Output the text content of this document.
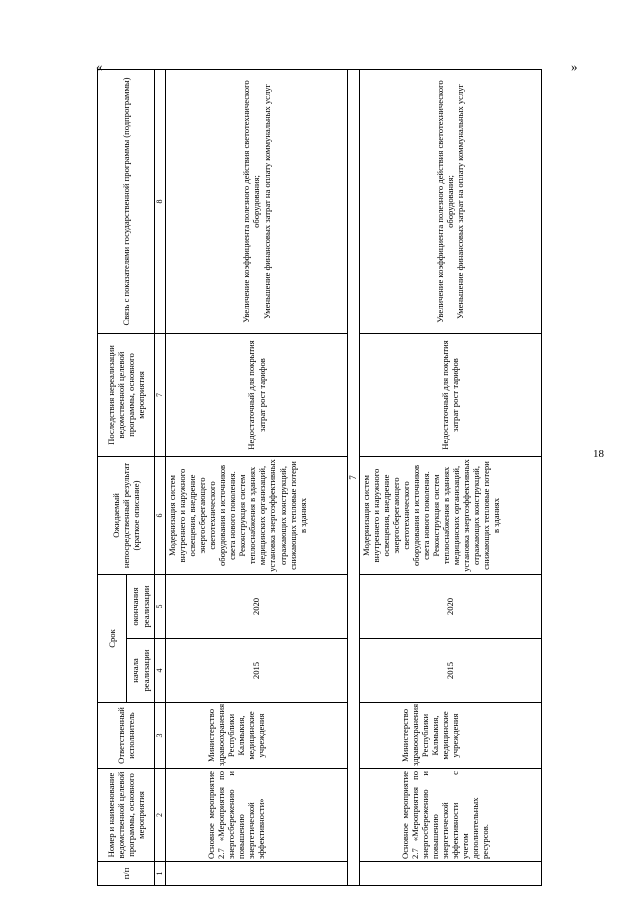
«	»
18
п/п	Номер и наименование ведомственной целевой программы, основного мероприятия	Ответственный исполнитель	Срок		Ожидаемый непосредственный результат (краткое описание)	Последствия нереализации ведомственной целевой программы, основного мероприятия	Связь с показателями государственной программы (подпрограммы)
			начала реализации	окончания реализации			
1	2	3	4	5	6	7	8
	Основное мероприятие 2.7 «Мероприятия по энергосбережению и повышению энергетической эффективности»	Министерство здравоохранения Республики Калмыкия, медицинские учреждения	2015	2020	Модернизация систем внутреннего и наружного освещения, внедрение энергосберегающего светотехнического оборудования и источников света нового поколения. Реконструкция систем теплоснабжения в зданиях медицинских организаций, установка энергоэффективных отражающих конструкций, снижающих тепловые потери в зданиях	Недостаточный для покрытия затрат рост тарифов	Увеличение коэффициента полезного действия светотехнического оборудования; Уменьшение финансовых затрат на оплату коммунальных услуг

7							
	Основное мероприятие 2.7 «Мероприятия по энергосбережению и повышению энергетической эффективности с учетом дополнительных ресурсов.	Министерство здравоохранения Республики Калмыкия, медицинские учреждения	2015	2020	Модернизация систем внутреннего и наружного освещения, внедрение энергосберегающего светотехнического оборудования и источников света нового поколения. Реконструкция систем теплоснабжения в зданиях медицинских организаций, установка энергоэффективных отражающих конструкций, снижающих тепловые потери в зданиях	Недостаточный для покрытия затрат рост тарифов	Увеличение коэффициента полезного действия светотехнического оборудования; Уменьшение финансовых затрат на оплату коммунальных услуг
